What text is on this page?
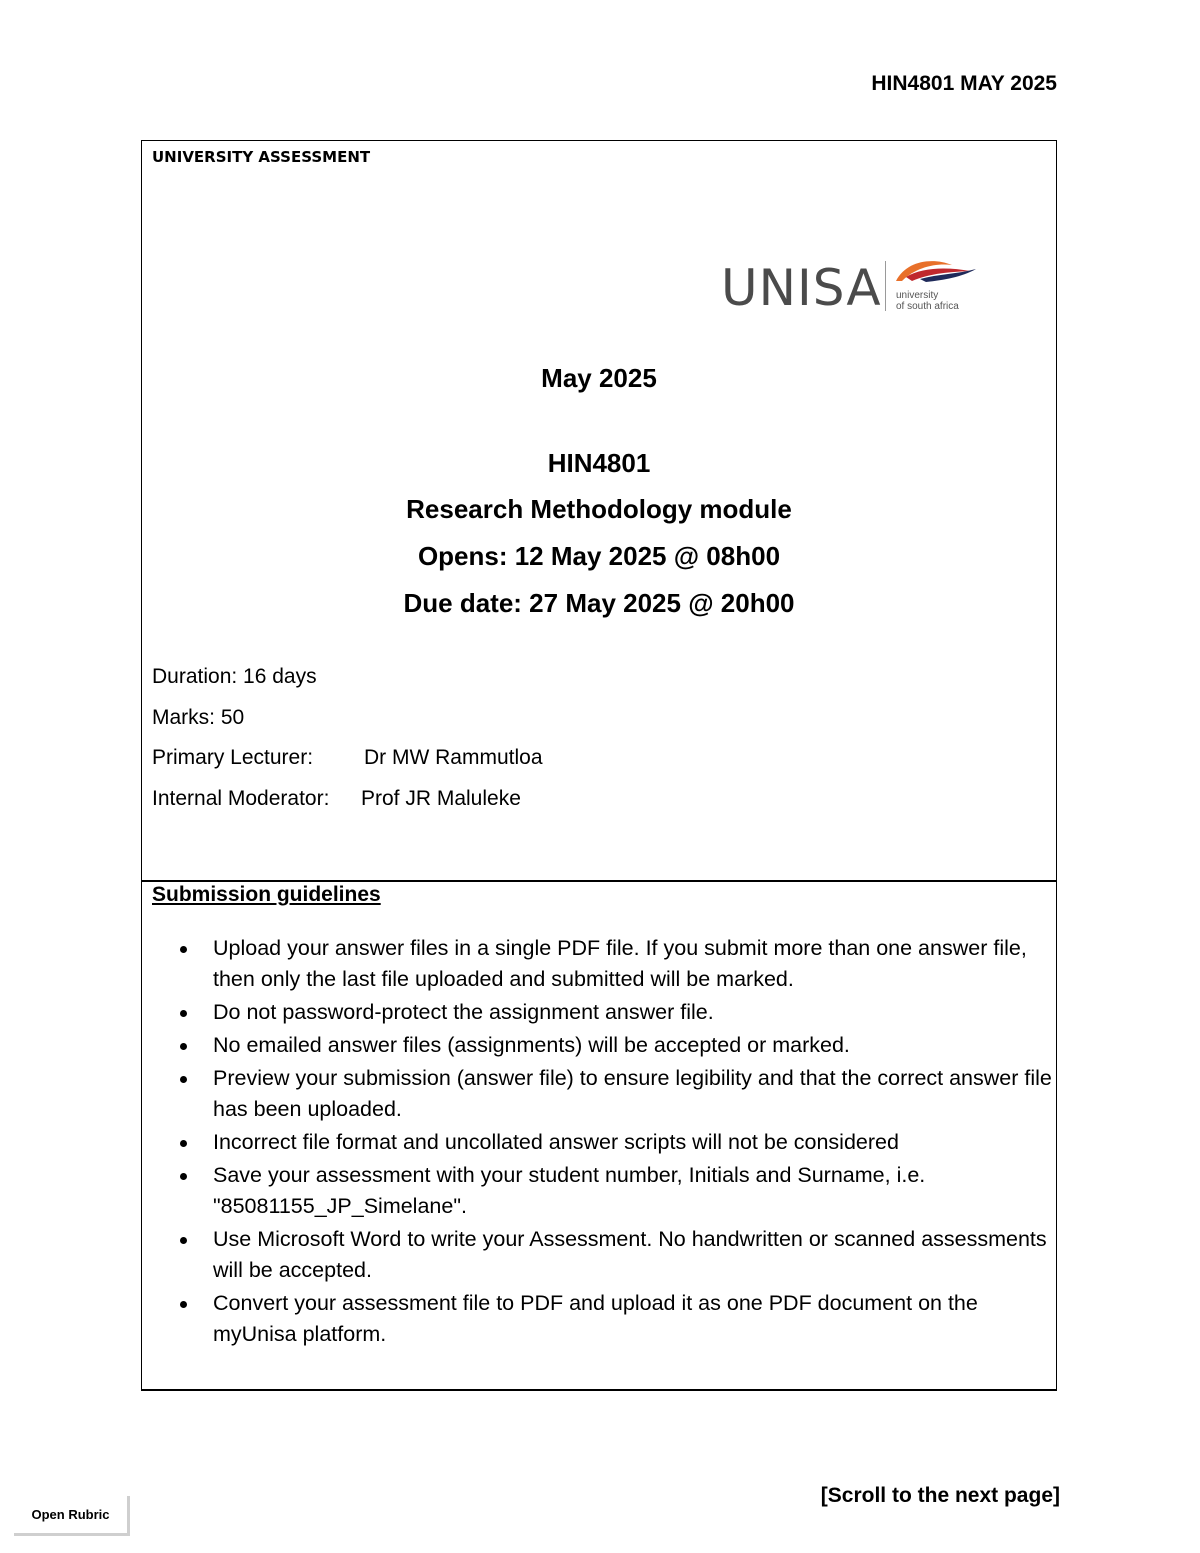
HIN4801 MAY 2025
UNIVERSITY ASSESSMENT
UNISA university
of south africa
May 2025
HIN4801
Research Methodology module
Opens: 12 May 2025 @ 08h00
Due date: 27 May 2025 @ 20h00
Duration: 16 days
Marks: 50
Primary Lecturer: Dr MW Rammutloa
Internal Moderator: Prof JR Maluleke
Submission guidelines
Upload your answer files in a single PDF file. If you submit more than one answer file, then only the last file uploaded and submitted will be marked.
Do not password-protect the assignment answer file.
No emailed answer files (assignments) will be accepted or marked.
Preview your submission (answer file) to ensure legibility and that the correct answer file has been uploaded.
Incorrect file format and uncollated answer scripts will not be considered
Save your assessment with your student number, Initials and Surname, i.e. "85081155_JP_Simelane".
Use Microsoft Word to write your Assessment. No handwritten or scanned assessments will be accepted.
Convert your assessment file to PDF and upload it as one PDF document on the myUnisa platform.
[Scroll to the next page]
Open Rubric
